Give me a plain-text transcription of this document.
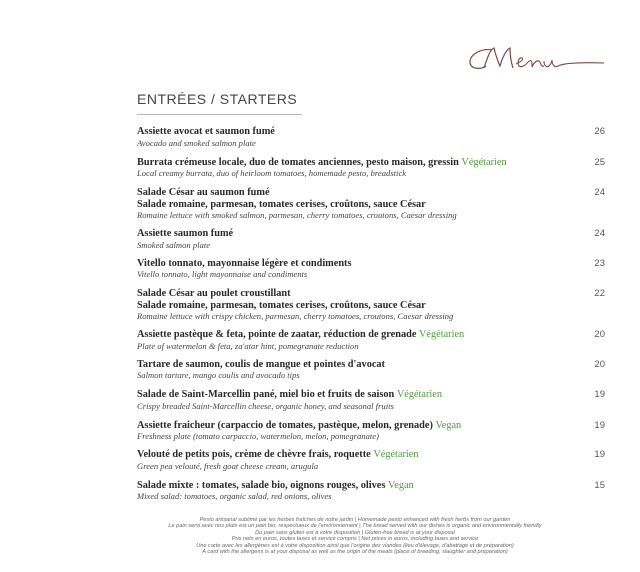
ENTRÉES / STARTERS
Assiette avocat et saumon fumé
Avocado and smoked salmon plate
26
Burrata crémeuse locale, duo de tomates anciennes, pesto maison, gressin Végétarien
Local creamy burrata, duo of heirloom tomatoes, homemade pesto, breadstick
25
Salade César au saumon fumé
Salade romaine, parmesan, tomates cerises, croûtons, sauce César
Romaine lettuce with smoked salmon, parmesan, cherry tomatoes, croutons, Caesar dressing
24
Assiette saumon fumé
Smoked salmon plate
24
Vitello tonnato, mayonnaise légère et condiments
Vitello tonnato, light mayonnaise and condiments
23
Salade César au poulet croustillant
Salade romaine, parmesan, tomates cerises, croûtons, sauce César
Romaine lettuce with crispy chicken, parmesan, cherry tomatoes, croutons, Caesar dressing
22
Assiette pastèque & feta, pointe de zaatar, réduction de grenade Végétarien
Plate of watermelon & feta, za'atar hint, pomegranate reduction
20
Tartare de saumon, coulis de mangue et pointes d'avocat
Salmon tartare, mango coulis and avocado tips
20
Salade de Saint-Marcellin pané, miel bio et fruits de saison Végétarien
Crispy breaded Saint-Marcellin cheese, organic honey, and seasonal fruits
19
Assiette fraicheur (carpaccio de tomates, pastèque, melon, grenade) Vegan
Freshness plate (tomato carpaccio, watermelon, melon, pomegranate)
19
Velouté de petits pois, crème de chèvre frais, roquette Végétarien
Green pea velouté, fresh goat cheese cream, arugula
19
Salade mixte : tomates, salade bio, oignons rouges, olives Vegan
Mixed salad: tomatoes, organic salad, red onions, olives
15
Pesto artisanal sublimé par les herbes fraîches de notre jardin | Homemade pesto enhanced with fresh herbs from our garden
Le pain servi avec nos plats est un pain bio, respectueux de l'environnement | The bread served with our dishes is organic and environmentally friendly
Du pain sans gluten est à votre disposition | Gluten-free bread is at your disposal
Prix nets en euros, toutes taxes et service compris | Net prices in euros, including taxes and service
Une carte avec les allergènes est à votre disposition ainsi que l'origine des viandes (lieu d'élevage, d'abattage et de préparation)
A card with the allergens is at your disposal as well as the origin of the meats (place of breeding, slaughter and preparation)
